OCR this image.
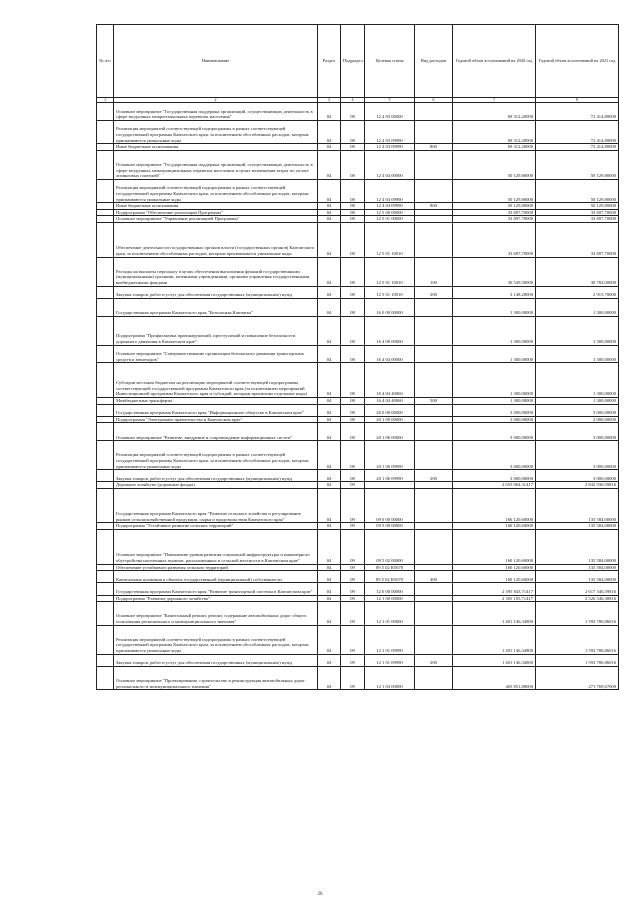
№ п/п	Наименование	Раздел	Подраздел	Целевая статья	Вид расходов	Годовой объем ассигнований на 2020 год	Годовой объем ассигнований на 2021 год
1	2	3	4	5	6	7	8
	Основное мероприятие "Государственная поддержка организаций, осуществляющих деятельность в сфере воздушных межрегиональных перевозок населения"	04	08	12 4 03 00000		69 312,20000	72 414,80000
	Реализация мероприятий соответствующей подпрограммы в рамках соответствующей государственной программы Камчатского края, за исключением обособленных расходов, которым присваиваются уникальные коды	04	08	12 4 03 09990		69 312,20000	72 414,80000
	Иные бюджетные ассигнования	04	08	12 4 03 09990	800	69 312,20000	72 414,80000
	Основное мероприятие "Государственная поддержка организаций, осуществляющих деятельность в сфере воздушных межмуниципальных перевозок населения, в целях возмещения затрат по уплате лизинговых платежей"	04	08	12 4 04 00000		50 129,80000	50 129,80000
	Реализация мероприятий соответствующей подпрограммы в рамках соответствующей государственной программы Камчатского края, за исключением обособленных расходов, которым присваиваются уникальные коды	04	08	12 4 04 09990		50 129,80000	50 129,80000
	Иные бюджетные ассигнования	04	08	12 4 04 09990	800	50 129,80000	50 129,80000
	Подпрограмма "Обеспечение реализации Программы"	04	08	12 5 00 00000		33 697,70000	33 697,70000
	Основное мероприятие "Управление реализацией Программы"	04	08	12 5 01 00000		33 697,70000	33 697,70000
	Обеспечение деятельности государственных органов власти (государственных органов) Камчатского края, за исключением обособленных расходов, которым присваиваются уникальные коды.	04	08	12 5 01 10010		33 697,70000	33 697,70000
	Расходы на выплаты персоналу в целях обеспечения выполнения функций государственными (муниципальными) органами, казенными учреждениями, органами управления государственными внебюджетными фондами	04	08	12 5 01 10010	100	30 549,50000	30 782,00000
	Закупка товаров, работ и услуг для обеспечения государственных (муниципальных) нужд	04	08	12 5 01 10010	200	3 148,20000	2 915,70000
	Государственная программа Камчатского края "Безопасная Камчатка"	04	08	16 0 00 00000		1 300,00000	1 300,00000
	Подпрограмма "Профилактика правонарушений, преступлений и повышение безопасности дорожного движения в Камчатском крае"	04	08	16 4 00 00000		1 300,00000	1 300,00000
	Основное мероприятие "Совершенствование организации безопасного движения транспортных средств и пешеходов"	04	08	16 4 04 00000		1 300,00000	1 300,00000
	Субсидии местным бюджетам на реализацию мероприятий соответствующей подпрограммы соответствующей государственной программы Камчатского края (за исключением мероприятий Инвестиционной программы Камчатского края и субсидий, которым присвоены отдельные коды)	04	08	16 4 04 40060		1 300,00000	1 300,00000
	Межбюджетные трансферты	04	08	16 4 04 40060	500	1 300,00000	1 300,00000
	Государственная программа Камчатского края "Информационное общество в Камчатском крае"	04	08	20 0 00 00000		3 000,00000	3 000,00000
	Подпрограмма "Электронное правительство в Камчатском крае"	04	08	20 1 00 00000		3 000,00000	3 000,00000
	Основное мероприятие "Развитие, внедрение и сопровождение информационных систем"	04	08	20 1 06 00000		3 000,00000	3 000,00000
	Реализация мероприятий соответствующей подпрограммы в рамках соответствующей государственной программы Камчатского края, за исключением обособленных расходов, которым присваиваются уникальные коды	04	08	20 1 06 09990		3 000,00000	3 000,00000
	Закупка товаров, работ и услуг для обеспечения государственных (муниципальных) нужд	04	08	20 1 06 09990	200	3 000,00000	3 000,00000
	Дорожное хозяйство (дорожные фонды)	04	09			2 655 964,31417	2 842 930,59816
	Государственная программа Камчатского края "Развитие сельского хозяйства и регулирование рынков сельскохозяйственной продукции, сырья и продовольствия Камчатского края"	04	09	09 0 00 00000		160 120,60000	135 584,00000
	Подпрограмма "Устойчивое развитие сельских территорий"	04	09	09 5 00 00000		160 120,60000	135 584,00000
	Основное мероприятие "Повышение уровня развития социальной инфраструктуры и инженерного обустройства населенных пунктов, расположенных в сельской местности в Камчатском крае"	04	09	09 5 02 00000		160 120,60000	135 584,00000
	Обеспечение устойчивого развития сельских территорий	04	09	09 5 02 R5670		160 120,60000	135 584,00000
	Капитальные вложения в объекты государственной (муниципальной) собственности	04	09	09 5 02 R5670	400	160 120,60000	135 584,00000
	Государственная программа Камчатского края "Развитие транспортной системы в Камчатском крае"	04	09	12 0 00 00000		2 395 843,71417	2 617 346,59816
	Подпрограмма "Развитие дорожного хозяйства"	04	09	12 1 00 00000		2 305 105,71417	2 526 546,38816
	Основное мероприятие "Капитальный ремонт, ремонт, содержание автомобильных дорог общего пользования регионального и межмуниципального значения"	04	09	12 1 01 00000		1 401 146,34800	1 593 786,86016
	Реализация мероприятий соответствующей подпрограммы в рамках соответствующей государственной программы Камчатского края, за исключением обособленных расходов, которым присваиваются уникальные коды	04	09	12 1 01 09990		1 401 146,34800	1 593 786,86016
	Закупка товаров, работ и услуг для обеспечения государственных (муниципальных) нужд	04	09	12 1 01 09990	200	1 401 146,34800	1 593 786,86016
	Основное мероприятие "Проектирование, строительство и реконструкция автомобильных дорог регионального и межмуниципального значения"	04	09	12 1 03 00000		403 851,88000	271 769,67000
26
